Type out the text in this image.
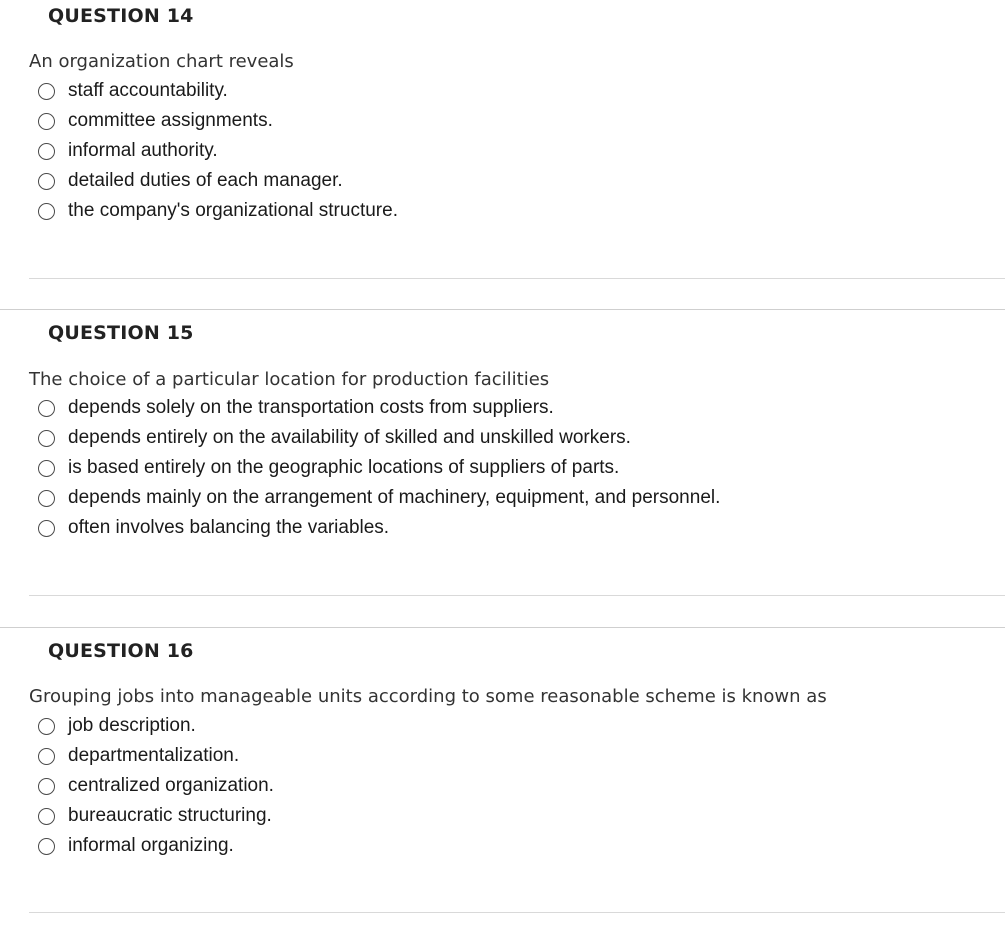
QUESTION 14
An organization chart reveals
staff accountability.
committee assignments.
informal authority.
detailed duties of each manager.
the company's organizational structure.
QUESTION 15
The choice of a particular location for production facilities
depends solely on the transportation costs from suppliers.
depends entirely on the availability of skilled and unskilled workers.
is based entirely on the geographic locations of suppliers of parts.
depends mainly on the arrangement of machinery, equipment, and personnel.
often involves balancing the variables.
QUESTION 16
Grouping jobs into manageable units according to some reasonable scheme is known as
job description.
departmentalization.
centralized organization.
bureaucratic structuring.
informal organizing.
